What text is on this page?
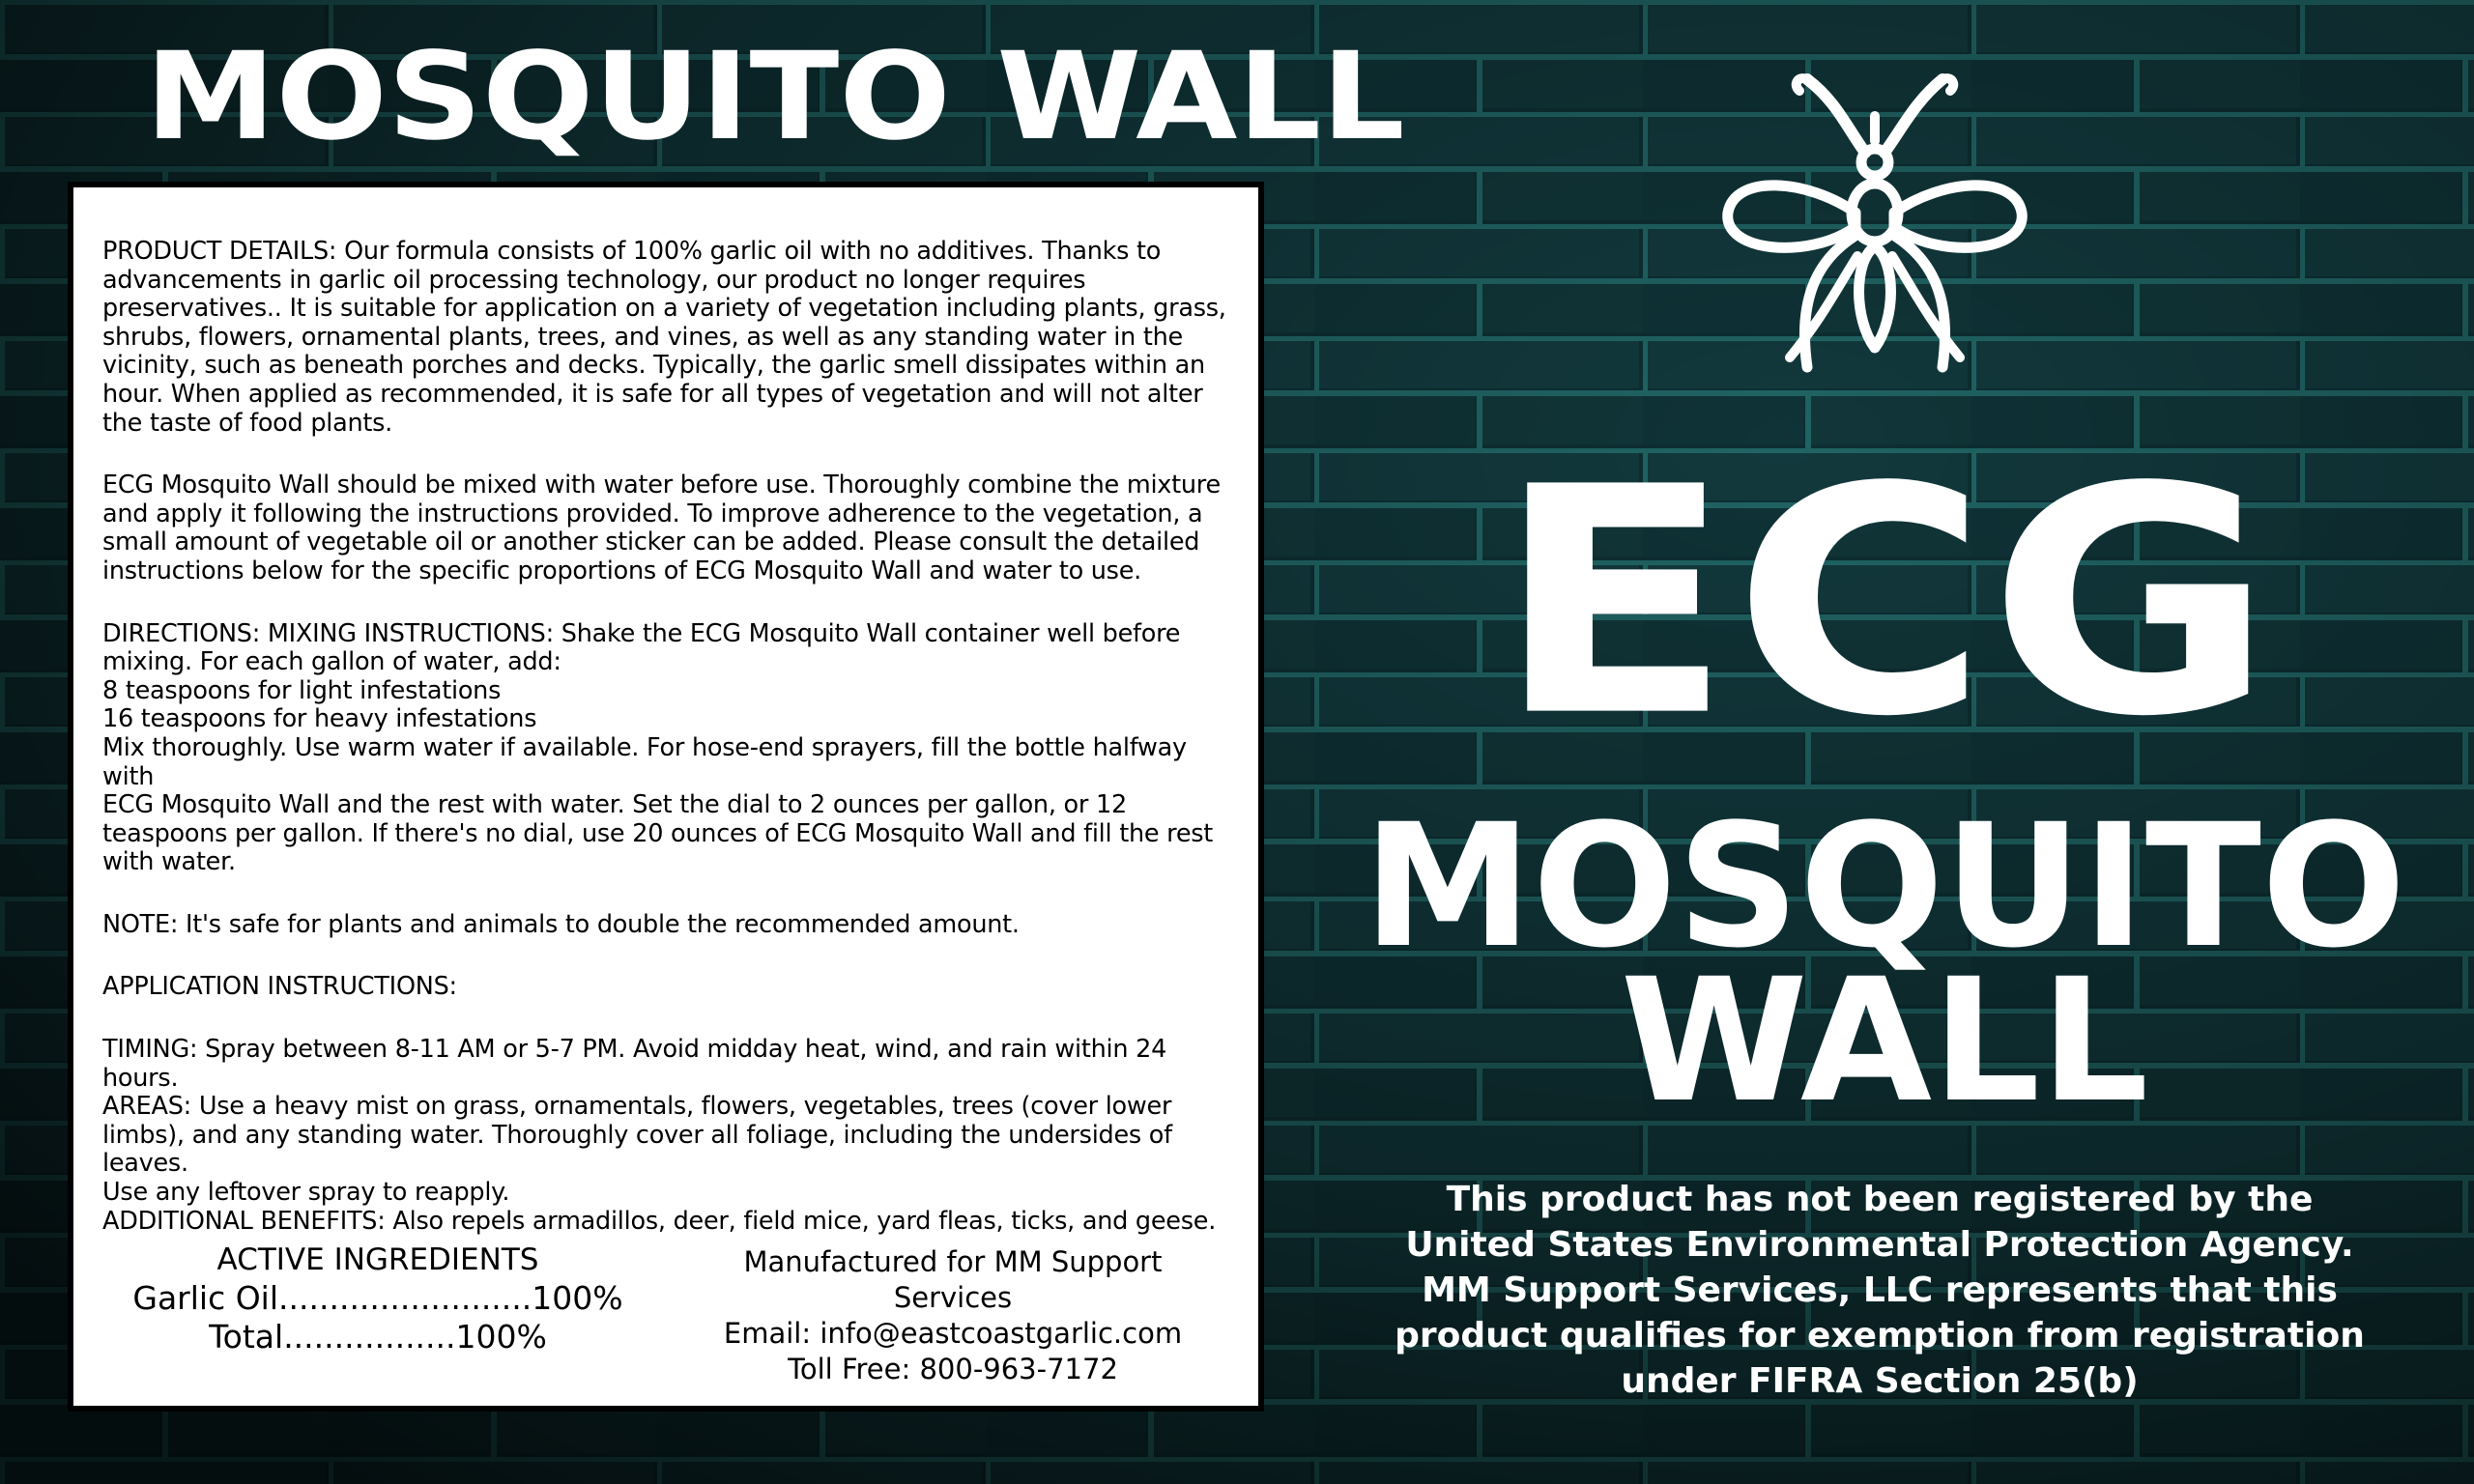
MOSQUITO WALL

PRODUCT DETAILS: Our formula consists of 100% garlic oil with no additives. Thanks to
advancements in garlic oil processing technology, our product no longer requires
preservatives.. It is suitable for application on a variety of vegetation including plants, grass,
shrubs, flowers, ornamental plants, trees, and vines, as well as any standing water in the
vicinity, such as beneath porches and decks. Typically, the garlic smell dissipates within an
hour. When applied as recommended, it is safe for all types of vegetation and will not alter
the taste of food plants.

ECG Mosquito Wall should be mixed with water before use. Thoroughly combine the mixture
and apply it following the instructions provided. To improve adherence to the vegetation, a
small amount of vegetable oil or another sticker can be added. Please consult the detailed
instructions below for the specific proportions of ECG Mosquito Wall and water to use.

DIRECTIONS: MIXING INSTRUCTIONS: Shake the ECG Mosquito Wall container well before
mixing. For each gallon of water, add:
8 teaspoons for light infestations
16 teaspoons for heavy infestations
Mix thoroughly. Use warm water if available. For hose-end sprayers, fill the bottle halfway with
ECG Mosquito Wall and the rest with water. Set the dial to 2 ounces per gallon, or 12
teaspoons per gallon. If there's no dial, use 20 ounces of ECG Mosquito Wall and fill the rest
with water.

NOTE: It's safe for plants and animals to double the recommended amount.

APPLICATION INSTRUCTIONS:

TIMING: Spray between 8-11 AM or 5-7 PM. Avoid midday heat, wind, and rain within 24 hours.
AREAS: Use a heavy mist on grass, ornamentals, flowers, vegetables, trees (cover lower
limbs), and any standing water. Thoroughly cover all foliage, including the undersides of leaves.
Use any leftover spray to reapply.
ADDITIONAL BENEFITS: Also repels armadillos, deer, field mice, yard fleas, ticks, and geese.

ACTIVE INGREDIENTS
Garlic Oil.........................100%
Total.................100%
Manufactured for MM Support Services
Email: info@eastcoastgarlic.com
Toll Free: 800-963-7172
ECG
MOSQUITO
WALL
This product has not been registered by the
United States Environmental Protection Agency.
MM Support Services, LLC represents that this
product qualifies for exemption from registration
under FIFRA Section 25(b)
